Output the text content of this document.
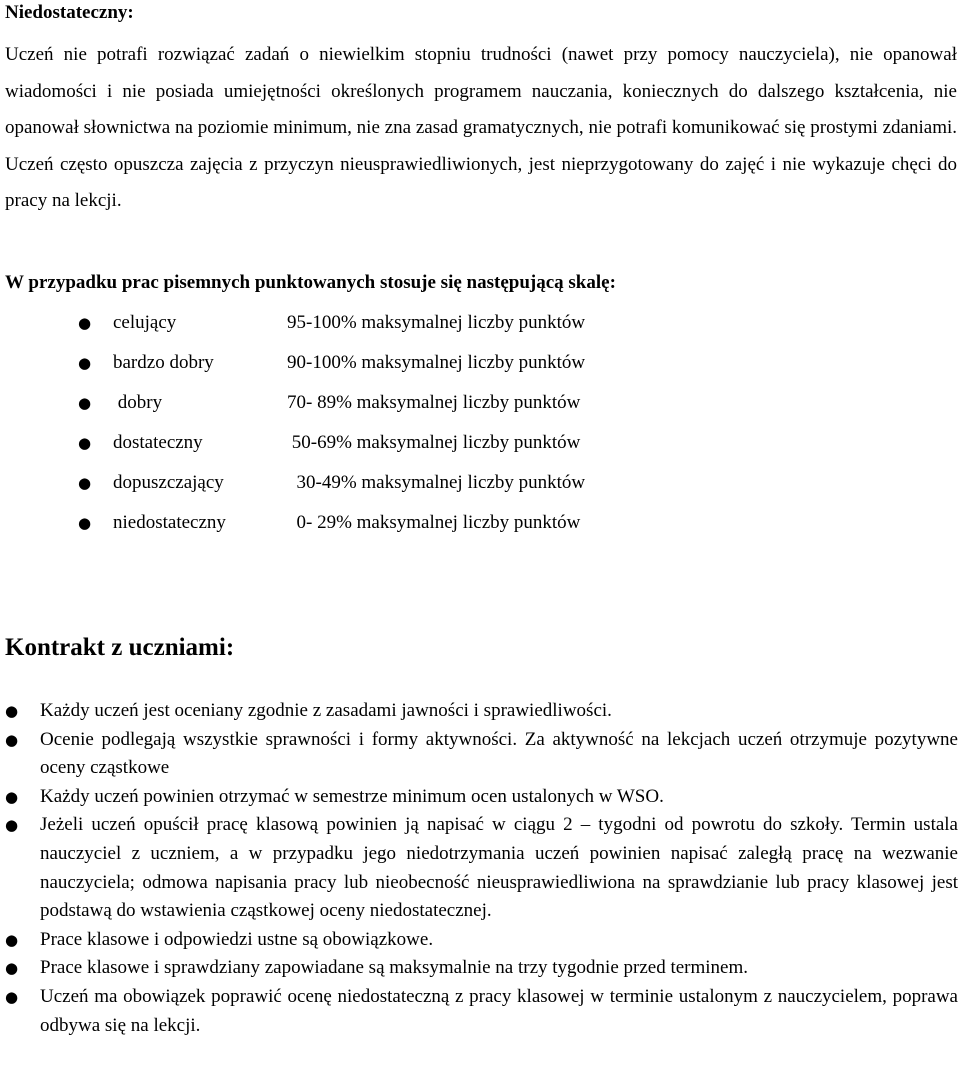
Niedostateczny:

Uczeń nie potrafi rozwiązać zadań o niewielkim stopniu trudności (nawet przy pomocy nauczyciela), nie opanował wiadomości i nie posiada umiejętności określonych programem nauczania, koniecznych do dalszego kształcenia, nie opanował słownictwa na poziomie minimum, nie zna zasad gramatycznych, nie potrafi komunikować się prostymi zdaniami. Uczeń często opuszcza zajęcia z przyczyn nieusprawiedliwionych, jest nieprzygotowany do zajęć i nie wykazuje chęci do pracy na lekcji.

W przypadku prac pisemnych punktowanych stosuje się następującą skalę:
● celujący	95-100% maksymalnej liczby punktów
● bardzo dobry	90-100% maksymalnej liczby punktów
● dobry	70- 89% maksymalnej liczby punktów
● dostateczny	50-69% maksymalnej liczby punktów
● dopuszczający	30-49% maksymalnej liczby punktów
● niedostateczny	0- 29% maksymalnej liczby punktów
Kontrakt z uczniami:
● Każdy uczeń jest oceniany zgodnie z zasadami jawności i sprawiedliwości.
● Ocenie podlegają wszystkie sprawności i formy aktywności. Za aktywność na lekcjach uczeń otrzymuje pozytywne oceny cząstkowe
● Każdy uczeń powinien otrzymać w semestrze minimum ocen ustalonych w WSO.
● Jeżeli uczeń opuścił pracę klasową powinien ją napisać w ciągu 2 – tygodni od powrotu do szkoły. Termin ustala nauczyciel z uczniem, a w przypadku jego niedotrzymania uczeń powinien napisać zaległą pracę na wezwanie nauczyciela; odmowa napisania pracy lub nieobecność nieusprawiedliwiona na sprawdzianie lub pracy klasowej jest podstawą do wstawienia cząstkowej oceny niedostatecznej.
● Prace klasowe i odpowiedzi ustne są obowiązkowe.
● Prace klasowe i sprawdziany zapowiadane są maksymalnie na trzy tygodnie przed terminem.
● Uczeń ma obowiązek poprawić ocenę niedostateczną z pracy klasowej w terminie ustalonym z nauczycielem, poprawa odbywa się na lekcji.
